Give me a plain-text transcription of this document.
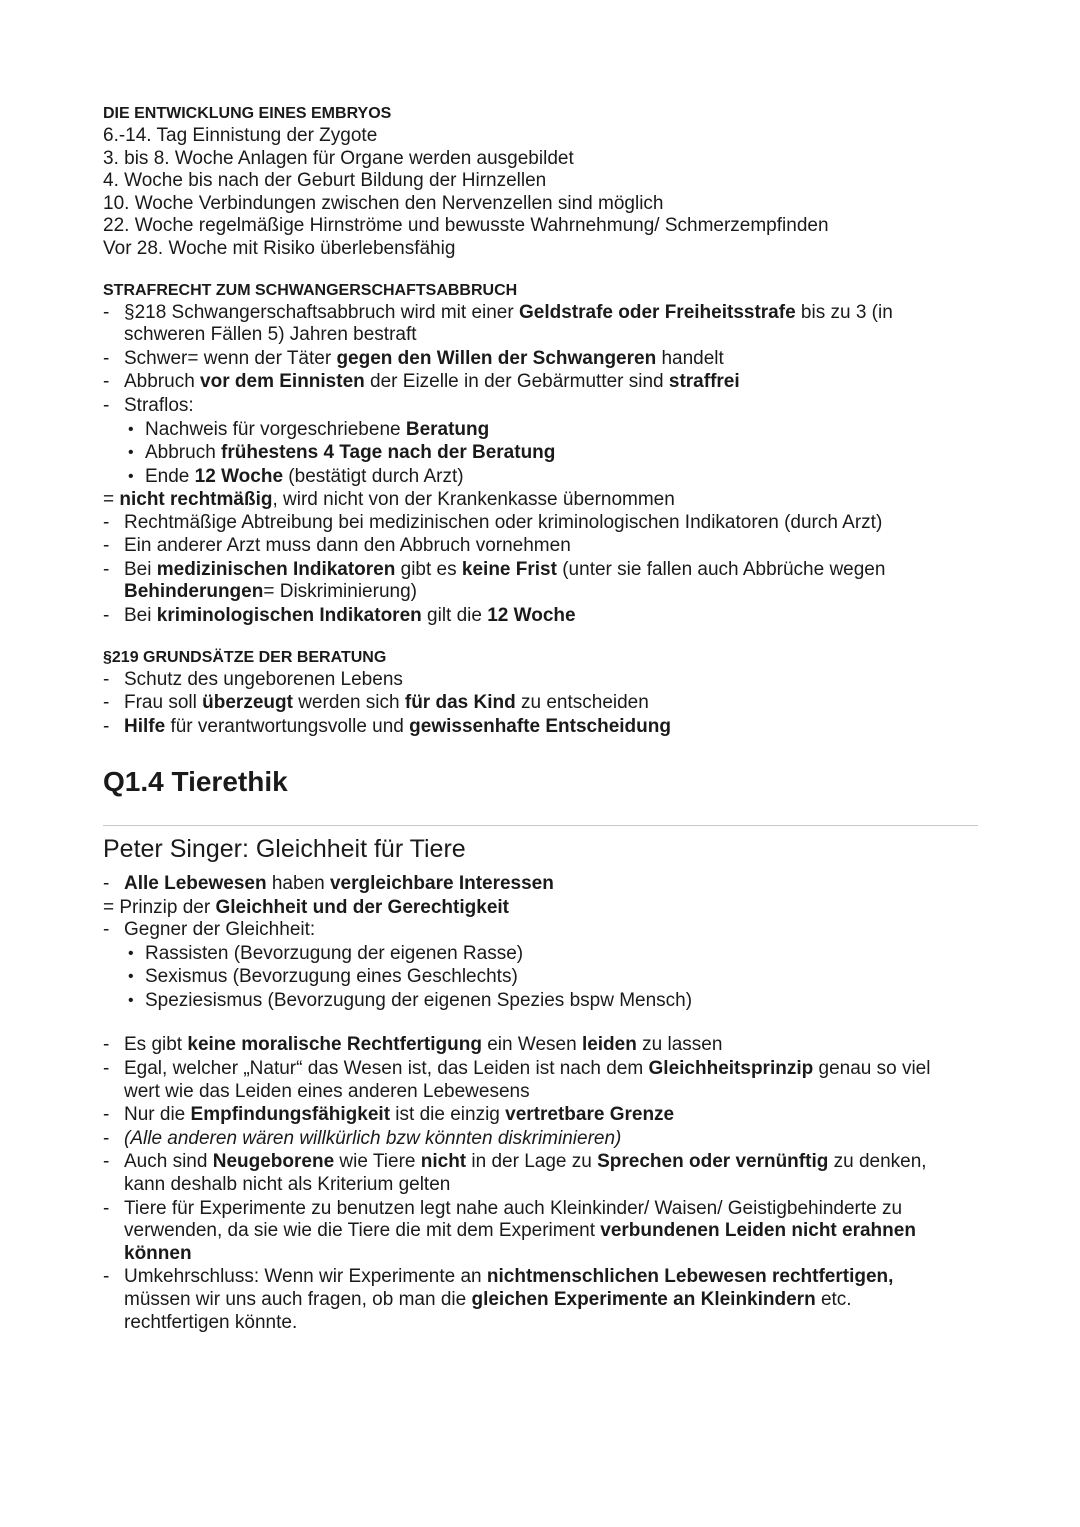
DIE ENTWICKLUNG EINES EMBRYOS

6.-14. Tag Einnistung der Zygote

3. bis 8. Woche Anlagen für Organe werden ausgebildet

4. Woche bis nach der Geburt Bildung der Hirnzellen

10. Woche Verbindungen zwischen den Nervenzellen sind möglich

22. Woche regelmäßige Hirnströme und bewusste Wahrnehmung/ Schmerzempfinden

Vor 28. Woche mit Risiko überlebensfähig

STRAFRECHT ZUM SCHWANGERSCHAFTSABBRUCH

- §218 Schwangerschaftsabbruch wird mit einer Geldstrafe oder Freiheitsstrafe bis zu 3 (in
schweren Fällen 5) Jahren bestraft
- Schwer= wenn der Täter gegen den Willen der Schwangeren handelt
- Abbruch vor dem Einnisten der Eizelle in der Gebärmutter sind straffrei
- Straflos:
• Nachweis für vorgeschriebene Beratung
• Abbruch frühestens 4 Tage nach der Beratung
• Ende 12 Woche (bestätigt durch Arzt)

= nicht rechtmäßig, wird nicht von der Krankenkasse übernommen

- Rechtmäßige Abtreibung bei medizinischen oder kriminologischen Indikatoren (durch Arzt)
- Ein anderer Arzt muss dann den Abbruch vornehmen
- Bei medizinischen Indikatoren gibt es keine Frist (unter sie fallen auch Abbrüche wegen
Behinderungen= Diskriminierung)
- Bei kriminologischen Indikatoren gilt die 12 Woche

§219 GRUNDSÄTZE DER BERATUNG

- Schutz des ungeborenen Lebens
- Frau soll überzeugt werden sich für das Kind zu entscheiden
- Hilfe für verantwortungsvolle und gewissenhafte Entscheidung

Q1.4 Tierethik

Peter Singer: Gleichheit für Tiere

- Alle Lebewesen haben vergleichbare Interessen

= Prinzip der Gleichheit und der Gerechtigkeit

- Gegner der Gleichheit:
• Rassisten (Bevorzugung der eigenen Rasse)
• Sexismus (Bevorzugung eines Geschlechts)
• Speziesismus (Bevorzugung der eigenen Spezies bspw Mensch)
- Es gibt keine moralische Rechtfertigung ein Wesen leiden zu lassen
- Egal, welcher „Natur“ das Wesen ist, das Leiden ist nach dem Gleichheitsprinzip genau so viel
wert wie das Leiden eines anderen Lebewesens
- Nur die Empfindungsfähigkeit ist die einzig vertretbare Grenze
- (Alle anderen wären willkürlich bzw könnten diskriminieren)
- Auch sind Neugeborene wie Tiere nicht in der Lage zu Sprechen oder vernünftig zu denken,
kann deshalb nicht als Kriterium gelten
- Tiere für Experimente zu benutzen legt nahe auch Kleinkinder/ Waisen/ Geistigbehinderte zu
verwenden, da sie wie die Tiere die mit dem Experiment verbundenen Leiden nicht erahnen
können
- Umkehrschluss: Wenn wir Experimente an nichtmenschlichen Lebewesen rechtfertigen,
müssen wir uns auch fragen, ob man die gleichen Experimente an Kleinkindern etc.
rechtfertigen könnte.
